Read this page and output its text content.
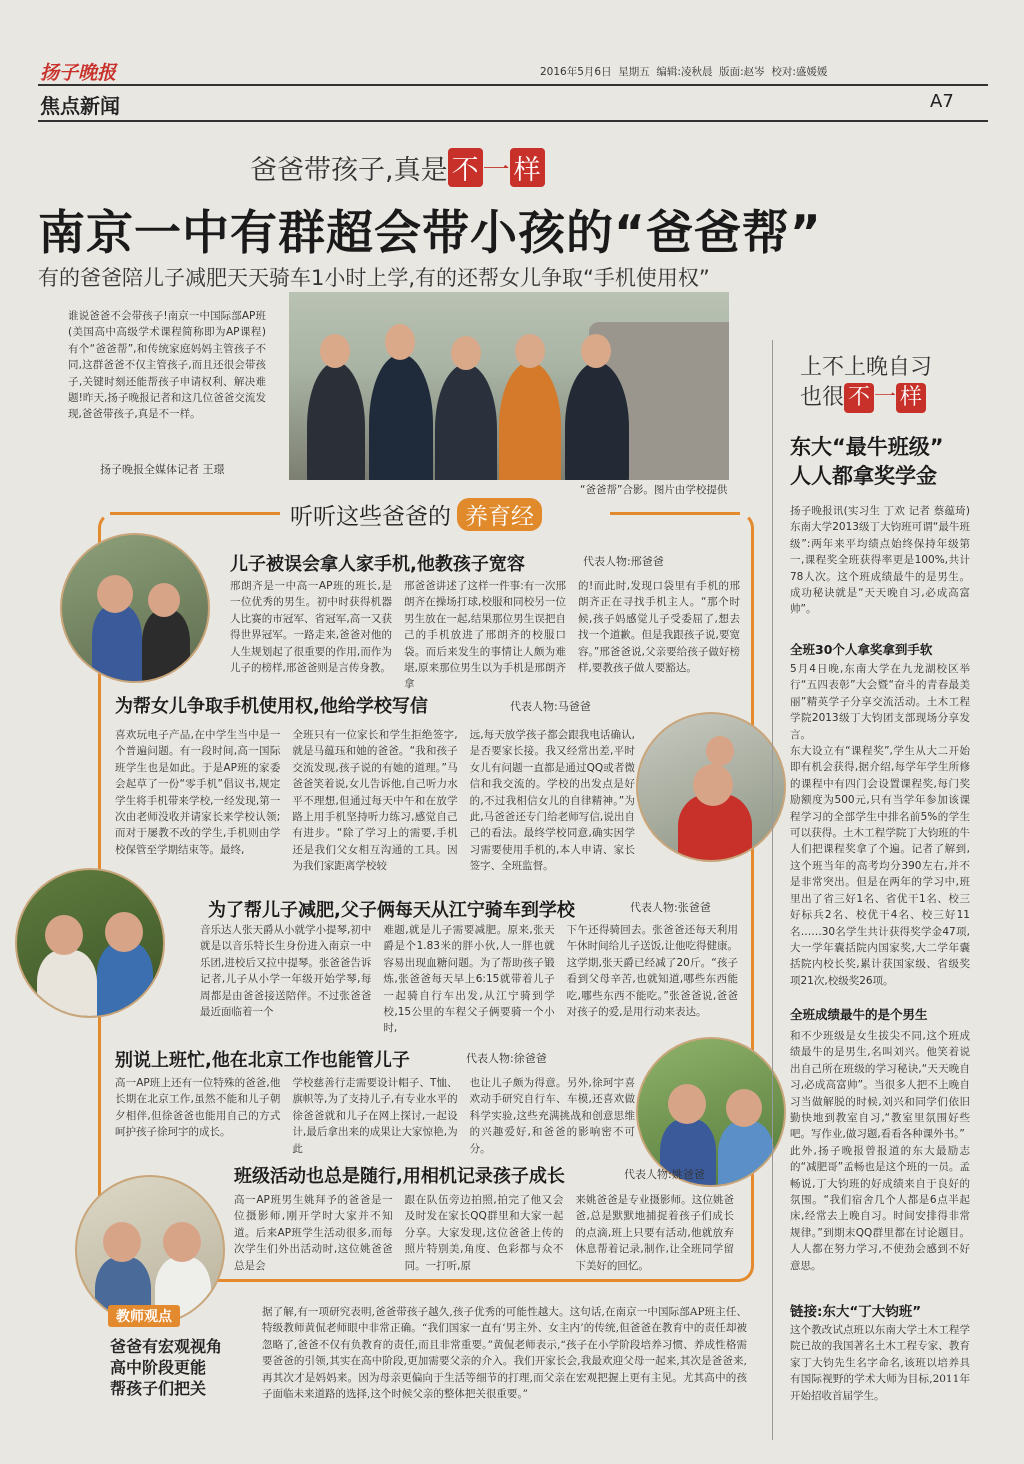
扬子晚报	2016年5月6日  星期五  编辑:凌秋晨  版面:赵岑  校对:盛媛媛
焦点新闻	A7
爸爸带孩子,真是 不 一 样
南京一中有群超会带小孩的“爸爸帮”
有的爸爸陪儿子减肥天天骑车1小时上学,有的还帮女儿争取“手机使用权”

谁说爸爸不会带孩子!南京一中国际部AP班(美国高中高级学术课程简称即为AP课程)有个“爸爸帮”,和传统家庭妈妈主管孩子不同,这群爸爸不仅主管孩子,而且还很会带孩子,关键时刻还能帮孩子申请权利、解决难题!昨天,扬子晚报记者和这几位爸爸交流发现,爸爸带孩子,真是不一样。

扬子晚报全媒体记者 王璟
“爸爸帮”合影。图片由学校提供
听听这些爸爸的 养育经
儿子被误会拿人家手机,他教孩子宽容	代表人物:邢爸爸

邢朗齐是一中高一AP班的班长,是一位优秀的男生。初中时获得机器人比赛的市冠军、省冠军,高一又获得世界冠军。一路走来,爸爸对他的人生规划起了很重要的作用,而作为儿子的榜样,邢爸爸则是言传身教。

邢爸爸讲述了这样一件事:有一次邢朗齐在操场打球,校服和同校另一位男生放在一起,结果那位男生误把自己的手机放进了邢朗齐的校服口袋。而后来发生的事情让人颇为难堪,原来那位男生以为手机是邢朗齐拿

的!而此时,发现口袋里有手机的邢朗齐正在寻找手机主人。“那个时候,孩子妈感觉儿子受委屈了,想去找一个道歉。但是我跟孩子说,要宽容。”邢爸爸说,父亲要给孩子做好榜样,要教孩子做人要豁达。

为帮女儿争取手机使用权,他给学校写信	代表人物:马爸爸

喜欢玩电子产品,在中学生当中是一个普遍问题。有一段时间,高一国际班学生也是如此。于是AP班的家委会起草了一份“零手机”倡议书,规定学生将手机带来学校,一经发现,第一次由老师没收并请家长来学校认领;而对于屡教不改的学生,手机则由学校保管至学期结束等。最终,

全班只有一位家长和学生拒绝签字,就是马蕴珏和她的爸爸。“我和孩子交流发现,孩子说的有她的道理。”马爸爸笑着说,女儿告诉他,自己听力水平不理想,但通过每天中午和在放学路上用手机坚持听力练习,感觉自己有进步。“除了学习上的需要,手机还是我们父女相互沟通的工具。因为我们家距离学校较

远,每天放学孩子都会跟我电话确认,是否要家长接。我又经常出差,平时女儿有问题一直都是通过QQ或者微信和我交流的。学校的出发点是好的,不过我相信女儿的自律精神。”为此,马爸爸还专门给老师写信,说出自己的看法。最终学校同意,确实因学习需要使用手机的,本人申请、家长签字、全班监督。

为了帮儿子减肥,父子俩每天从江宁骑车到学校	代表人物:张爸爸

音乐达人张天爵从小就学小提琴,初中就是以音乐特长生身份进入南京一中乐团,进校后又拉中提琴。张爸爸告诉记者,儿子从小学一年级开始学琴,每周都是由爸爸接送陪伴。不过张爸爸最近面临着一个

难题,就是儿子需要减肥。原来,张天爵是个1.83米的胖小伙,人一胖也就容易出现血糖问题。为了帮助孩子锻炼,张爸爸每天早上6:15就带着儿子一起骑自行车出发,从江宁骑到学校,15公里的车程父子俩要骑一个小时,

下午还得骑回去。张爸爸还每天利用午休时间给儿子送饭,让他吃得健康。这学期,张天爵已经减了20斤。“孩子看到父母辛苦,也就知道,哪些东西能吃,哪些东西不能吃。”张爸爸说,爸爸对孩子的爱,是用行动来表达。

别说上班忙,他在北京工作也能管儿子	代表人物:徐爸爸

高一AP班上还有一位特殊的爸爸,他长期在北京工作,虽然不能和儿子朝夕相伴,但徐爸爸也能用自己的方式呵护孩子徐珂宇的成长。

学校慈善行走需要设计帽子、T恤、旗帜等,为了支持儿子,有专业水平的徐爸爸就和儿子在网上探讨,一起设计,最后拿出来的成果让大家惊艳,为此

也让儿子颇为得意。另外,徐珂宇喜欢动手研究自行车、车模,还喜欢做科学实验,这些充满挑战和创意思维的兴趣爱好,和爸爸的影响密不可分。

班级活动也总是随行,用相机记录孩子成长	代表人物:姚爸爸

高一AP班男生姚拜予的爸爸是一位摄影师,刚开学时大家并不知道。后来AP班学生活动很多,而每次学生们外出活动时,这位姚爸爸总是会

跟在队伍旁边拍照,拍完了他又会及时发在家长QQ群里和大家一起分享。大家发现,这位爸爸上传的照片特别美,角度、色彩都与众不同。一打听,原

来姚爸爸是专业摄影师。这位姚爸爸,总是默默地捕捉着孩子们成长的点滴,班上只要有活动,他就放弃休息帮着记录,制作,让全班同学留下美好的回忆。

教师观点
爸爸有宏观视角
高中阶段更能
帮孩子们把关

据了解,有一项研究表明,爸爸带孩子越久,孩子优秀的可能性越大。这句话,在南京一中国际部AP班主任、特级教师黄侃老师眼中非常正确。“我们国家一直有‘男主外、女主内’的传统,但爸爸在教育中的责任却被忽略了,爸爸不仅有负教育的责任,而且非常重要。”黄侃老师表示,“孩子在小学阶段培养习惯、养成性格需要爸爸的引领,其实在高中阶段,更加需要父亲的介入。我们开家长会,我最欢迎父母一起来,其次是爸爸来,再其次才是妈妈来。因为母亲更偏向于生活等细节的打理,而父亲在宏观把握上更有主见。尤其高中的孩子面临未来道路的选择,这个时候父亲的整体把关很重要。”

上不上晚自习
也很 不 一 样
东大“最牛班级”
人人都拿奖学金

扬子晚报讯(实习生 丁欢 记者 蔡蕴琦)东南大学2013级丁大钧班可谓“最牛班级”:两年来平均绩点始终保持年级第一,课程奖全班获得率更是100%,共计78人次。这个班成绩最牛的是男生。成功秘诀就是“天天晚自习,必成高富帅”。

全班30个人拿奖拿到手软

5月4日晚,东南大学在九龙湖校区举行“五四表彰”大会暨“奋斗的青春最美丽”精英学子分享交流活动。土木工程学院2013级丁大钧团支部现场分享发言。
东大设立有“课程奖”,学生从大二开始即有机会获得,据介绍,每学年学生所修的课程中有四门会设置课程奖,每门奖励额度为500元,只有当学年参加该课程学习的全部学生中排名前5%的学生可以获得。土木工程学院丁大钧班的牛人们把课程奖拿了个遍。记者了解到,这个班当年的高考均分390左右,并不是非常突出。但是在两年的学习中,班里出了省三好1名、省优干1名、校三好标兵2名、校优干4名、校三好11名……30名学生共计获得奖学金47项,大一学年囊括院内国家奖,大二学年囊括院内校长奖,累计获国家级、省级奖项21次,校级奖26项。

全班成绩最牛的是个男生

和不少班级是女生拔尖不同,这个班成绩最牛的是男生,名叫刘兴。他笑着说出自己所在班级的学习秘诀,“天天晚自习,必成高富帅”。当很多人把不上晚自习当做解脱的时候,刘兴和同学们依旧勤快地到教室自习,“教室里氛围好些吧。写作业,做习题,看看各种课外书。”
此外,扬子晚报曾报道的东大最励志的“减肥哥”孟畅也是这个班的一员。孟畅说,丁大钧班的好成绩来自于良好的氛围。“我们宿舍几个人都是6点半起床,经常去上晚自习。时间安排得非常规律。”到期末QQ群里都在讨论题目。人人都在努力学习,不使劲会感到不好意思。

链接:东大“丁大钧班”

这个教改试点班以东南大学土木工程学院已故的我国著名土木工程专家、教育家丁大钧先生名字命名,该班以培养具有国际视野的学术大师为目标,2011年开始招收首届学生。
